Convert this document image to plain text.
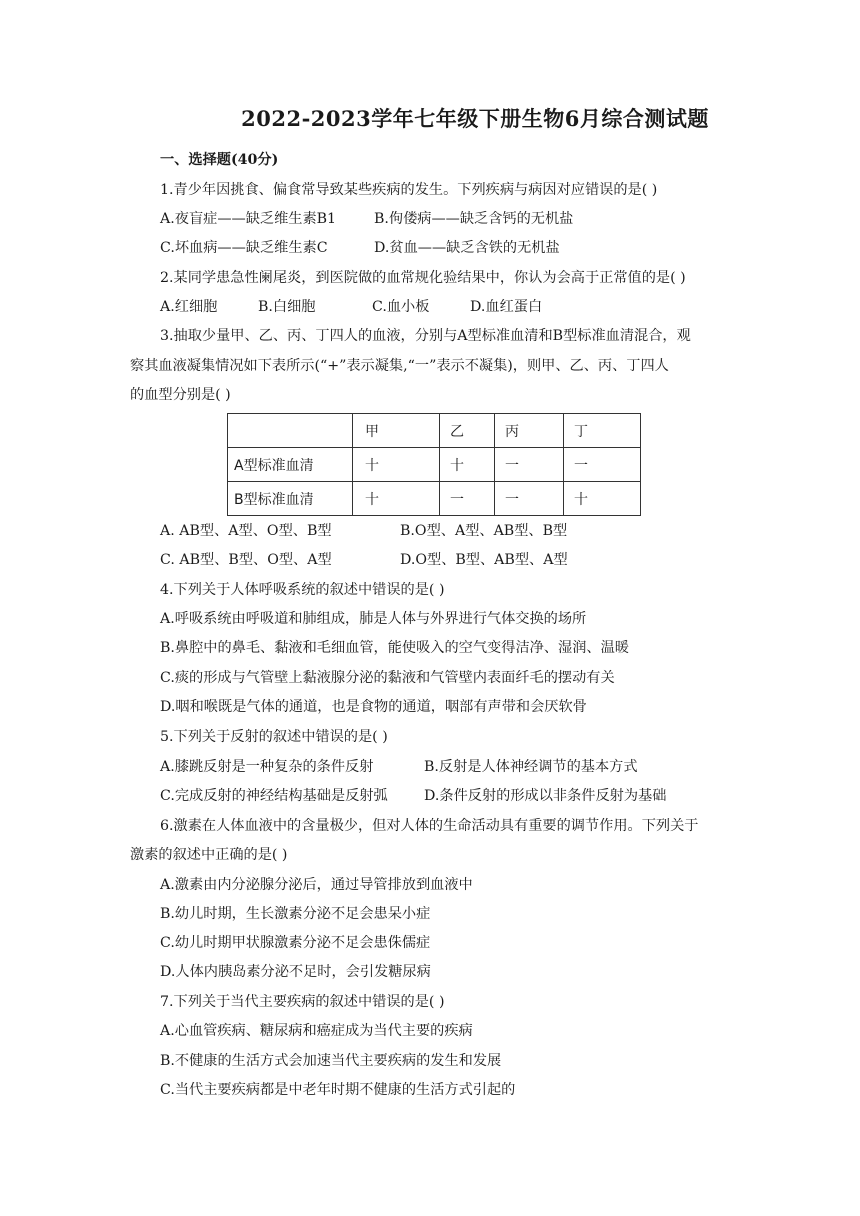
2022-2023学年七年级下册生物6月综合测试题
一、选择题(40分)
1.青少年因挑食、偏食常导致某些疾病的发生。下列疾病与病因对应错误的是( )
A.夜盲症——缺乏维生素B1	B.佝偻病——缺乏含钙的无机盐
C.坏血病——缺乏维生素C	D.贫血——缺乏含铁的无机盐
2.某同学患急性阑尾炎，到医院做的血常规化验结果中，你认为会高于正常值的是( )
A.红细胞	B.白细胞	C.血小板	D.血红蛋白
3.抽取少量甲、乙、丙、丁四人的血液，分别与A型标准血清和B型标准血清混合，观
察其血液凝集情况如下表所示(“+”表示凝集,“一”表示不凝集)，则甲、乙、丙、丁四人
的血型分别是( )
	甲	乙	丙	丁
A型标准血清	十	十	一	一
B型标准血清	十	一	一	十
A. AB型、A型、O型、B型	B.O型、A型、AB型、B型
C. AB型、B型、O型、A型	D.O型、B型、AB型、A型
4.下列关于人体呼吸系统的叙述中错误的是( )
A.呼吸系统由呼吸道和肺组成，肺是人体与外界进行气体交换的场所
B.鼻腔中的鼻毛、黏液和毛细血管，能使吸入的空气变得洁净、湿润、温暖
C.痰的形成与气管壁上黏液腺分泌的黏液和气管壁内表面纤毛的摆动有关
D.咽和喉既是气体的通道，也是食物的通道，咽部有声带和会厌软骨
5.下列关于反射的叙述中错误的是( )
A.膝跳反射是一种复杂的条件反射	B.反射是人体神经调节的基本方式
C.完成反射的神经结构基础是反射弧	D.条件反射的形成以非条件反射为基础
6.激素在人体血液中的含量极少，但对人体的生命活动具有重要的调节作用。下列关于
激素的叙述中正确的是( )
A.激素由内分泌腺分泌后，通过导管排放到血液中
B.幼儿时期，生长激素分泌不足会患呆小症
C.幼儿时期甲状腺激素分泌不足会患侏儒症
D.人体内胰岛素分泌不足时，会引发糖尿病
7.下列关于当代主要疾病的叙述中错误的是( )
A.心血管疾病、糖尿病和癌症成为当代主要的疾病
B.不健康的生活方式会加速当代主要疾病的发生和发展
C.当代主要疾病都是中老年时期不健康的生活方式引起的
